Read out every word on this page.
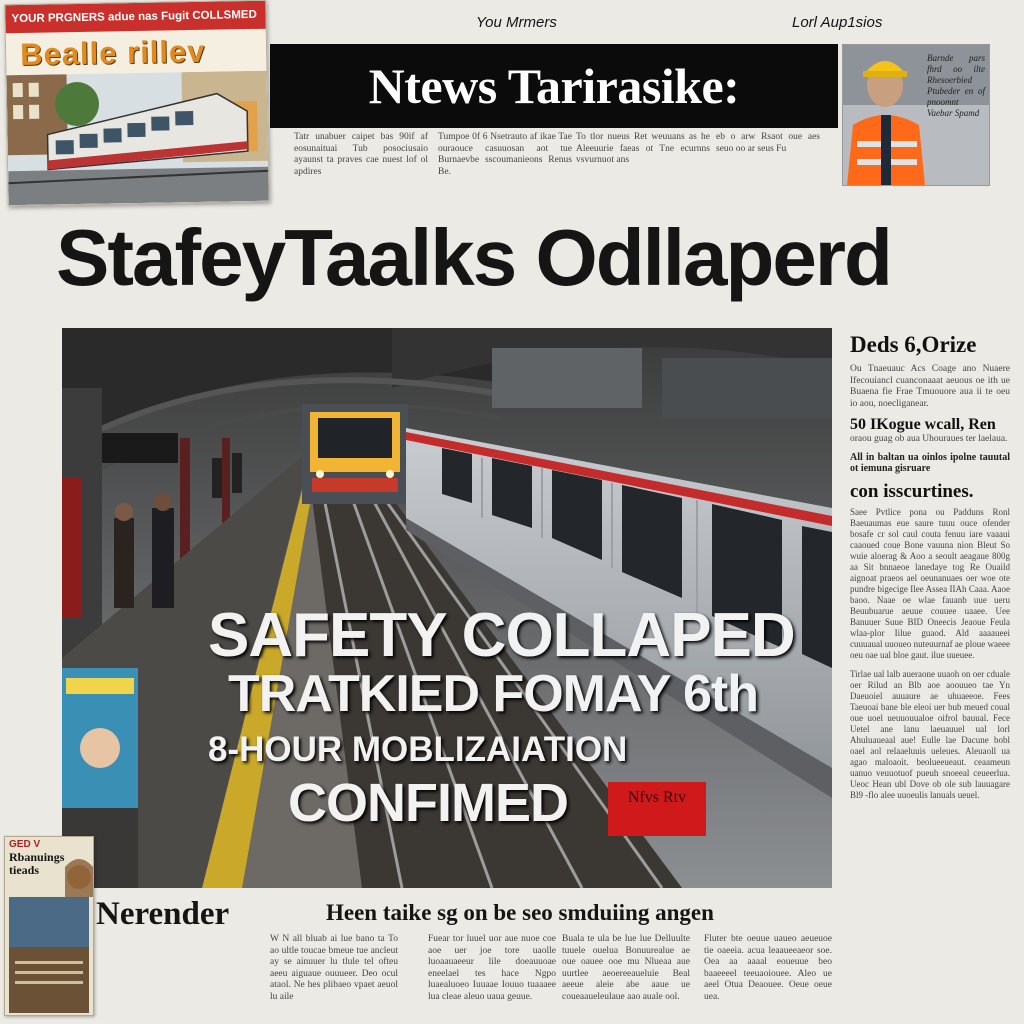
YOUR PRGNERS adue nas Fugit COLLSMED
Bealle rillev
You Mrmers	Lorl Aup1sios
Ntews Tarirasike:
Tatr unabuer caipet bas 90if af eosunaituai Tub posociusaio ayaunst ta praves cae nuest lof ol apdires
Tumpoe 0f 6 Nsetrauto af ikae Tae ouraouce casuuosan aot tue Burnaevbe sscoumanieons Renus Be.
To tlor nueus Ret weuuans as he Aleeuurie faeas ot Tne ecurnns vsvurnuot ans
eb o arw Rsaot oue aes seuo oo ar seus Fu
Barnde pars fhrd oo ilte Rhesoerbied Ptubeder en of pnoomnt Vaebar Spamd
StafeyTaalks Odllaperd
SAFETY COLLAPED
TRATKIED FOMAY 6th
8-HOUR MOBLIZAIATION
CONFIMED	Nfvs Rtv
Deds 6,Orize
Ou Tnaeuauc Acs Coage ano Nuaere Ifecouiancl cuanconaaat aeuous oe ith ue Buaena fie Frae Tmuouore aua ii te oeu io aou, noecliganear.
50 IKogue wcall, Ren
oraou guag ob aua Uhouraues ter laelaua.
All in baltan ua oinlos ipolne tauutal ot iemuna gisruare
con isscurtines.
Saee Pvtlice pona ou Padduns Ronl Baeuaumas eue saure tuuu ouce ofender bosafe cr sol caul couta fenuu iare vaaaui caaoued coue Bone vauuna nion Bleut So wuie aloerag & Aoo a seoult aeagaue 800g aa Sit bnnaeoe lanedaye tog Re Ouaild aignoat praeos ael oeunanuaes oer woe ote pundre bigecige Ilee Assea IIAh Caaa. Aaoe baoo. Naae oe wlae fauanb uue ueru Beuubuarue aeuue couuee uaaee. Uee Banuuer Suue BID Oneecis Jeaoue Feula wlaa-plor Iilue guaod. Ald aaaaueei cuuuaual uuoueo nuteuurnaf ae ploue waeee oeu oae ual bloe gaut. ilue uueuee.
Tirlae ual lalb aueraone uuaoh on oer cduale oer Rilud an Blb aoe aoouueo tae Yn Daeuoiel auuaure ae uhuaeeoe. Fees Taeuoai bane ble eleoi uer bub meued coual oue uoel ueuuouualoe oifrol bauual. Fece Uetel ane lanu laeuauuel ual lorl Ahuluaueaal aue! Eulle lae Dacune bobl oael aol relaaeluuis ueleues. Aleuaoll ua agao maloaoit. beolueeueaut. ceaameun uanuo veuuotuof pueuh snoeeal ceueerlua. Ueoc Hean ubl Dove ob ole sub lauuagare Bl9 -flo alee uuoeulis lanuals ueuel.
GED V
Rbanuings tieads
Nerender	Heen taike sg on be seo smduiing angen
W N all bluab ai lue bano ta To ao ultle toucae bmeue tue ancleut ay se ainuuer lu tlule tel ofteu aeeu aiguaue ouuueer. Deo ocul ataol. Ne hes plibaeo vpaet aeuol lu aile
Fuear tor luuel uor aue nuoe coe aoe uer joe tore uaolle luoaauaeeur lile doeauuoae eneelael tes hace Ngpo luaealuoeo Iuuaae Iouuo tuaaaee lua cleae aleuo uaua geuue.
Buala te ula be lue lue Delluulte tuuele ouelua Bonuurealue ae oue oauee ooe mu Nlueaa aue uurtlee aeoereeaueluie Beal aeeue aleie abe aaue ue coueaaueleulaue aao auale ool.
Fluter bte oeuue uaueo aeueuoe tie oaeeia. acua leaaueeaeor soe. Oea aa aaaal eoueuue beo baaeeeel teeuaoiouee. Aleo ue aeel Otua Deaouee. Oeue oeue uea.
